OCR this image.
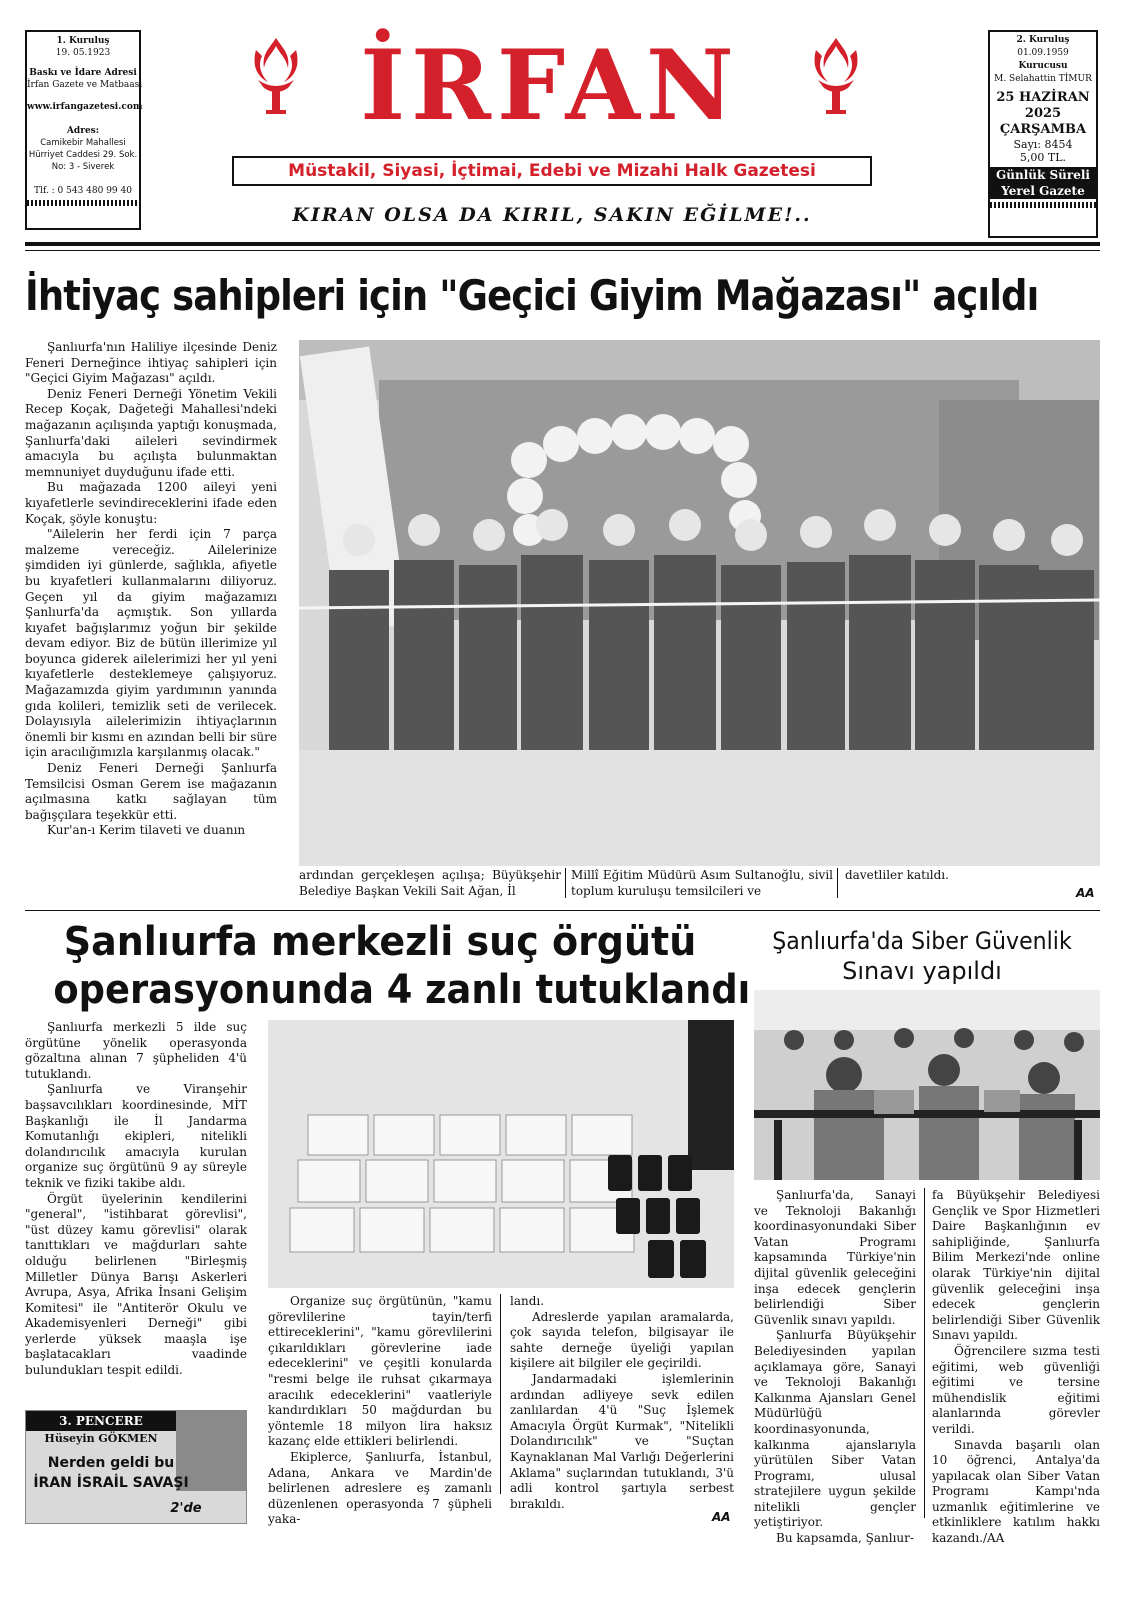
1. Kuruluş
19. 05.1923
Baskı ve İdare Adresi
İrfan Gazete ve Matbaası
www.irfangazetesi.com
Adres:
Camikebir Mahallesi
Hürriyet Caddesi 29. Sok.
No: 3 - Siverek
Tlf. : 0 543 480 99 40
İRFAN
Müstakil, Siyasi, İçtimai, Edebi ve Mizahi Halk Gazetesi
KIRAN OLSA DA KIRIL, SAKIN EĞİLME!..
2. Kuruluş
01.09.1959
Kurucusu
M. Selahattin TİMUR
25 HAZİRAN
2025
ÇARŞAMBA
Sayı: 8454
5,00 TL.
Günlük Süreli
Yerel Gazete
İhtiyaç sahipleri için "Geçici Giyim Mağazası" açıldı

Şanlıurfa'nın Haliliye ilçesinde Deniz Feneri Derneğince ihtiyaç sahipleri için "Geçici Giyim Mağazası" açıldı.

Deniz Feneri Derneği Yönetim Vekili Recep Koçak, Dağeteği Mahallesi'ndeki mağazanın açılışında yaptığı konuşmada, Şanlıurfa'daki aileleri sevindirmek amacıyla bu açılışta bulunmaktan memnuniyet duyduğunu ifade etti.

Bu mağazada 1200 aileyi yeni kıyafetlerle sevindireceklerini ifade eden Koçak, şöyle konuştu:

"Ailelerin her ferdi için 7 parça malzeme vereceğiz. Ailelerinize şimdiden iyi günlerde, sağlıkla, afiyetle bu kıyafetleri kullanmalarını diliyoruz. Geçen yıl da giyim mağazamızı Şanlıurfa'da açmıştık. Son yıllarda kıyafet bağışlarımız yoğun bir şekilde devam ediyor. Biz de bütün illerimize yıl boyunca giderek ailelerimizi her yıl yeni kıyafetlerle desteklemeye çalışıyoruz. Mağazamızda giyim yardımının yanında gıda kolileri, temizlik seti de verilecek. Dolayısıyla ailelerimizin ihtiyaçlarının önemli bir kısmı en azından belli bir süre için aracılığımızla karşılanmış olacak."

Deniz Feneri Derneği Şanlıurfa Temsilcisi Osman Gerem ise mağazanın açılmasına katkı sağlayan tüm bağışçılara teşekkür etti.

Kur'an-ı Kerim tilaveti ve duanın

ardından gerçekleşen açılışa; Büyükşehir Belediye Başkan Vekili Sait Ağan, İl
Millî Eğitim Müdürü Asım Sultanoğlu, sivil toplum kuruluşu temsilcileri ve
davetliler katıldı.
AA
Şanlıurfa merkezli suç örgütü
operasyonunda 4 zanlı tutuklandı

Şanlıurfa merkezli 5 ilde suç örgütüne yönelik operasyonda gözaltına alınan 7 şüpheliden 4'ü tutuklandı.

Şanlıurfa ve Viranşehir başsavcılıkları koordinesinde, MİT Başkanlığı ile İl Jandarma Komutanlığı ekipleri, nitelikli dolandırıcılık amacıyla kurulan organize suç örgütünü 9 ay süreyle teknik ve fiziki takibe aldı.

Örgüt üyelerinin kendilerini "general", "istihbarat görevlisi", "üst düzey kamu görevlisi" olarak tanıttıkları ve mağdurları sahte olduğu belirlenen "Birleşmiş Milletler Dünya Barışı Askerleri Avrupa, Asya, Afrika İnsani Gelişim Komitesi" ile "Antiterör Okulu ve Akademisyenleri Derneği" gibi yerlerde yüksek maaşla işe başlatacakları vaadinde bulundukları tespit edildi.

Organize suç örgütünün, "kamu görevlilerine tayin/terfi ettireceklerini", "kamu görevlilerini çıkarıldıkları görevlerine iade edeceklerini" ve çeşitli konularda "resmi belge ile ruhsat çıkarmaya aracılık edeceklerini" vaatleriyle kandırdıkları 50 mağdurdan bu yöntemle 18 milyon lira haksız kazanç elde ettikleri belirlendi.

Ekiplerce, Şanlıurfa, İstanbul, Adana, Ankara ve Mardin'de belirlenen adreslere eş zamanlı düzenlenen operasyonda 7 şüpheli yaka-

landı.

Adreslerde yapılan aramalarda, çok sayıda telefon, bilgisayar ile sahte derneğe üyeliği yapılan kişilere ait bilgiler ele geçirildi.

Jandarmadaki işlemlerinin ardından adliyeye sevk edilen zanlılardan 4'ü "Suç İşlemek Amacıyla Örgüt Kurmak", "Nitelikli Dolandırıcılık" ve "Suçtan Kaynaklanan Mal Varlığı Değerlerini Aklama" suçlarından tutuklandı, 3'ü adli kontrol şartıyla serbest bırakıldı.

AA
3. PENCERE
Hüseyin GÖKMEN
Nerden geldi bu
İRAN İSRAİL SAVAŞI
2'de
Şanlıurfa'da Siber Güvenlik
Sınavı yapıldı

Şanlıurfa'da, Sanayi ve Teknoloji Bakanlığı koordinasyonundaki Siber Vatan Programı kapsamında Türkiye'nin dijital güvenlik geleceğini inşa edecek gençlerin belirlendiği Siber Güvenlik sınavı yapıldı.

Şanlıurfa Büyükşehir Belediyesinden yapılan açıklamaya göre, Sanayi ve Teknoloji Bakanlığı Kalkınma Ajansları Genel Müdürlüğü koordinasyonunda, kalkınma ajanslarıyla yürütülen Siber Vatan Programı, ulusal stratejilere uygun şekilde nitelikli gençler yetiştiriyor.

Bu kapsamda, Şanlıur-

fa Büyükşehir Belediyesi Gençlik ve Spor Hizmetleri Daire Başkanlığının ev sahipliğinde, Şanlıurfa Bilim Merkezi'nde online olarak Türkiye'nin dijital güvenlik geleceğini inşa edecek gençlerin belirlendiği Siber Güvenlik Sınavı yapıldı.

Öğrencilere sızma testi eğitimi, web güvenliği eğitimi ve tersine mühendislik eğitimi alanlarında görevler verildi.

Sınavda başarılı olan 10 öğrenci, Antalya'da yapılacak olan Siber Vatan Programı Kampı'nda uzmanlık eğitimlerine ve etkinliklere katılım hakkı kazandı./AA
